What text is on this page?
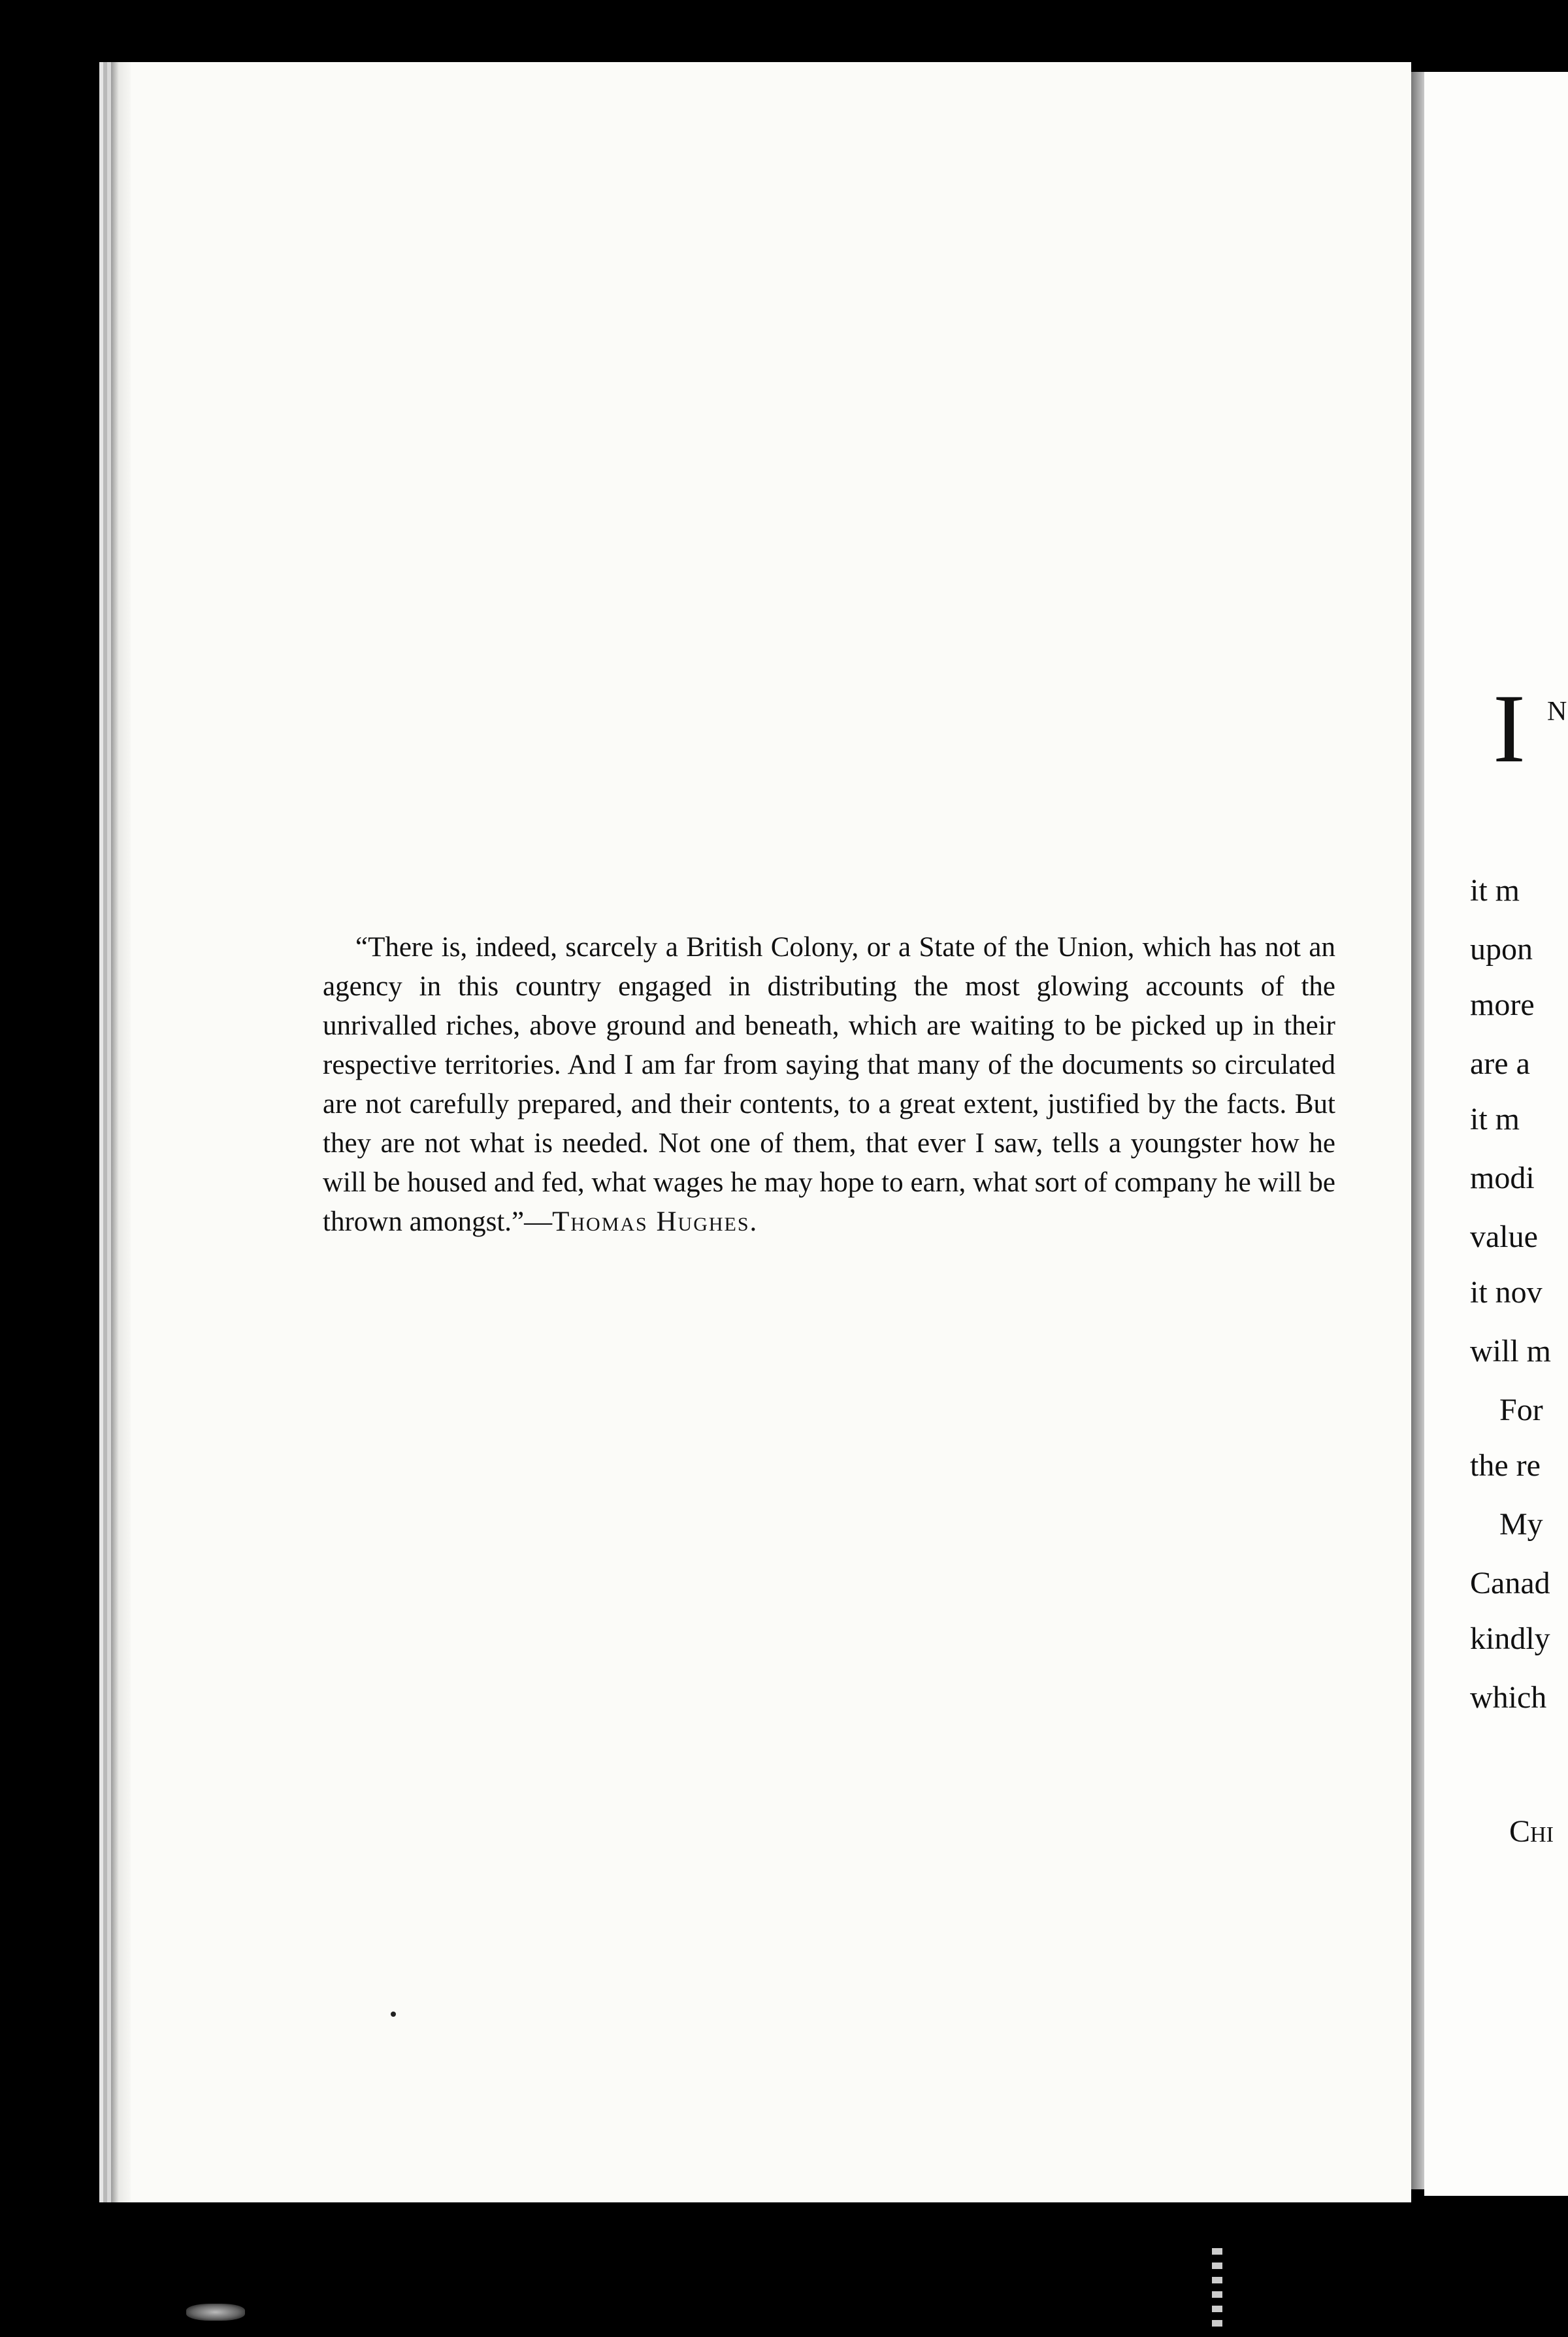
“There is, indeed, scarcely a British Colony, or a State of the Union, which has not an agency in this country engaged in distributing the most glowing accounts of the unrivalled riches, above ground and beneath, which are waiting to be picked up in their respective territories. And I am far from saying that many of the documents so circulated are not carefully prepared, and their contents, to a great extent, justified by the facts. But they are not what is needed. Not one of them, that ever I saw, tells a youngster how he will be housed and fed, what wages he may hope to earn, what sort of company he will be thrown amongst.”—Thomas Hughes.

it m
upon
more
are a
it m
modi
value
it nov
will m
For
the re
My
Canad
kindly
which
Chi
I N
